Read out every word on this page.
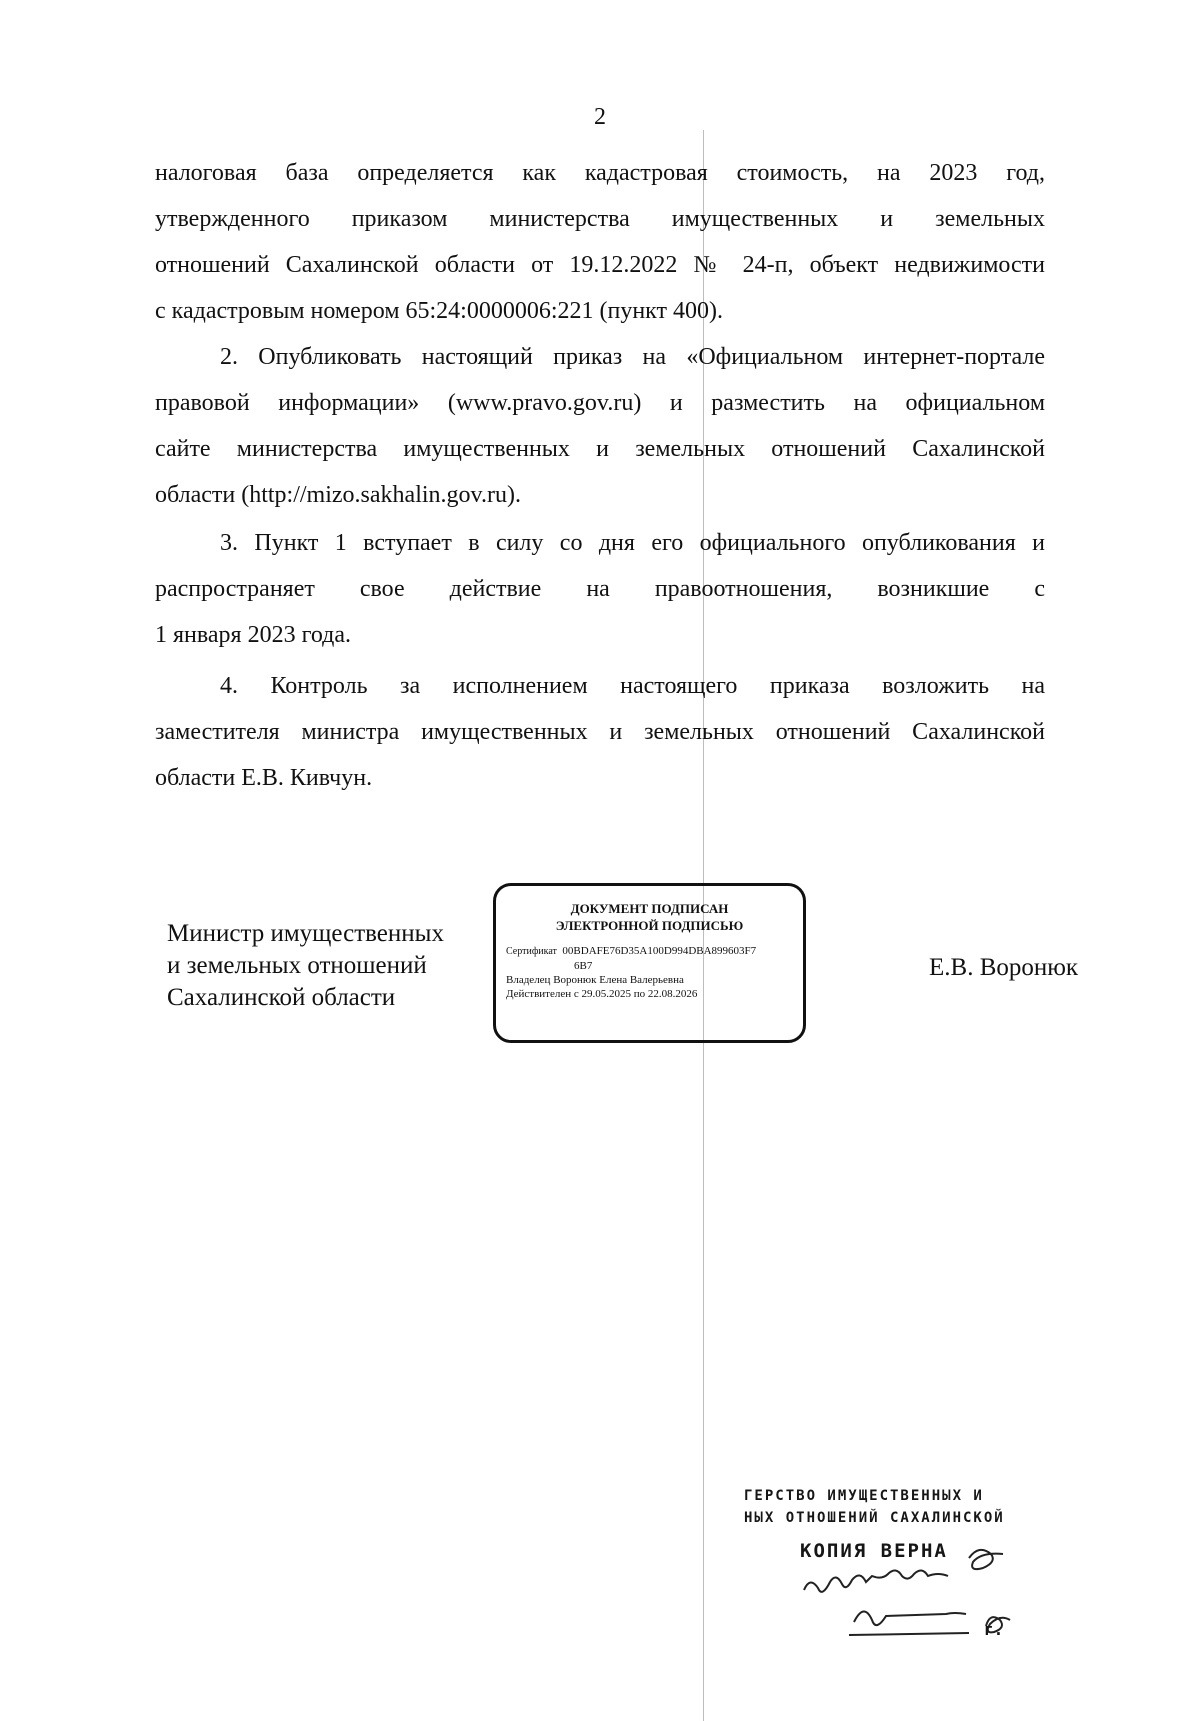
2
налоговая база определяется как кадастровая стоимость, на 2023 год,
утвержденного приказом министерства имущественных и земельных
отношений Сахалинской области от 19.12.2022 № 24-п, объект недвижимости
с кадастровым номером 65:24:0000006:221 (пункт 400).
2. Опубликовать настоящий приказ на «Официальном интернет-портале
правовой информации» (www.pravo.gov.ru) и разместить на официальном
сайте министерства имущественных и земельных отношений Сахалинской
области (http://mizo.sakhalin.gov.ru).
3. Пункт 1 вступает в силу со дня его официального опубликования и
распространяет свое действие на правоотношения, возникшие с
1 января 2023 года.
4. Контроль за исполнением настоящего приказа возложить на
заместителя министра имущественных и земельных отношений Сахалинской
области Е.В. Кивчун.
Министр имущественных
и земельных отношений
Сахалинской области
Е.В. Воронюк
ДОКУМЕНТ ПОДПИСАН
ЭЛЕКТРОННОЙ ПОДПИСЬЮ
Сертификат 00BDAFE76D35A100D994DBA899603F7
6B7
Владелец Воронюк Елена Валерьевна
Действителен с 29.05.2025 по 22.08.2026
ГЕРСТВО ИМУЩЕСТВЕННЫХ И
НЫХ ОТНОШЕНИЙ САХАЛИНСКОЙ
КОПИЯ ВЕРНА
г.
